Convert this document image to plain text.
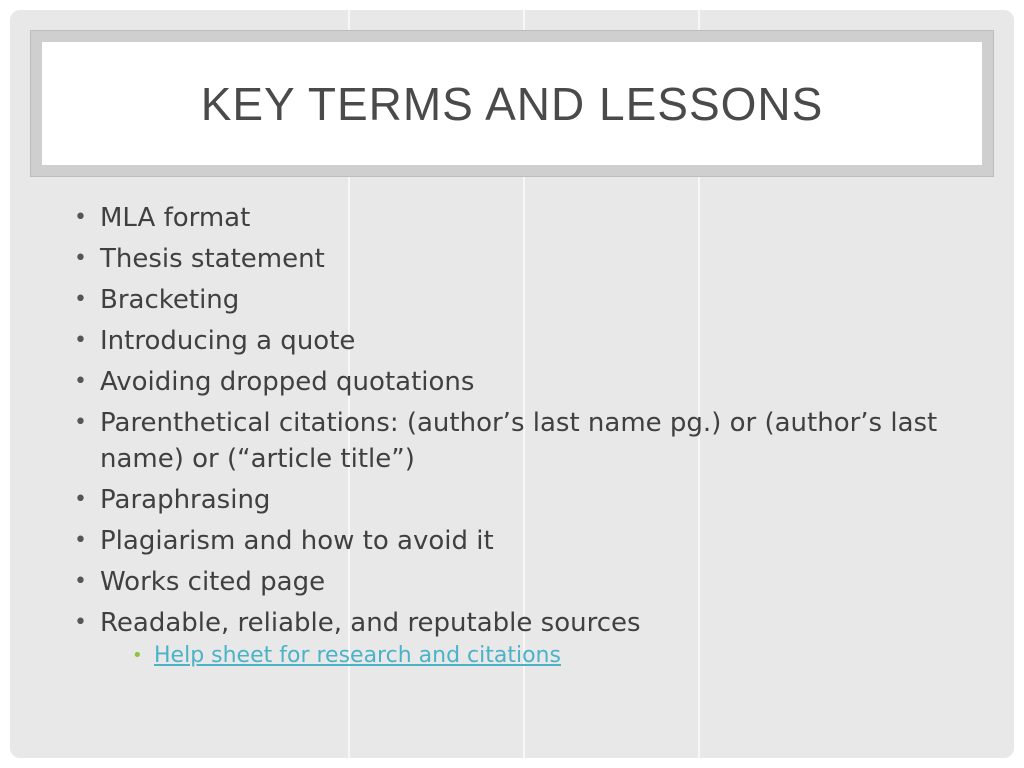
KEY TERMS AND LESSONS
• MLA format
• Thesis statement
• Bracketing
• Introducing a quote
• Avoiding dropped quotations
• Parenthetical citations: (author’s last name pg.) or (author’s last name) or (“article title”)
• Paraphrasing
• Plagiarism and how to avoid it
• Works cited page
• Readable, reliable, and reputable sources
• Help sheet for research and citations
